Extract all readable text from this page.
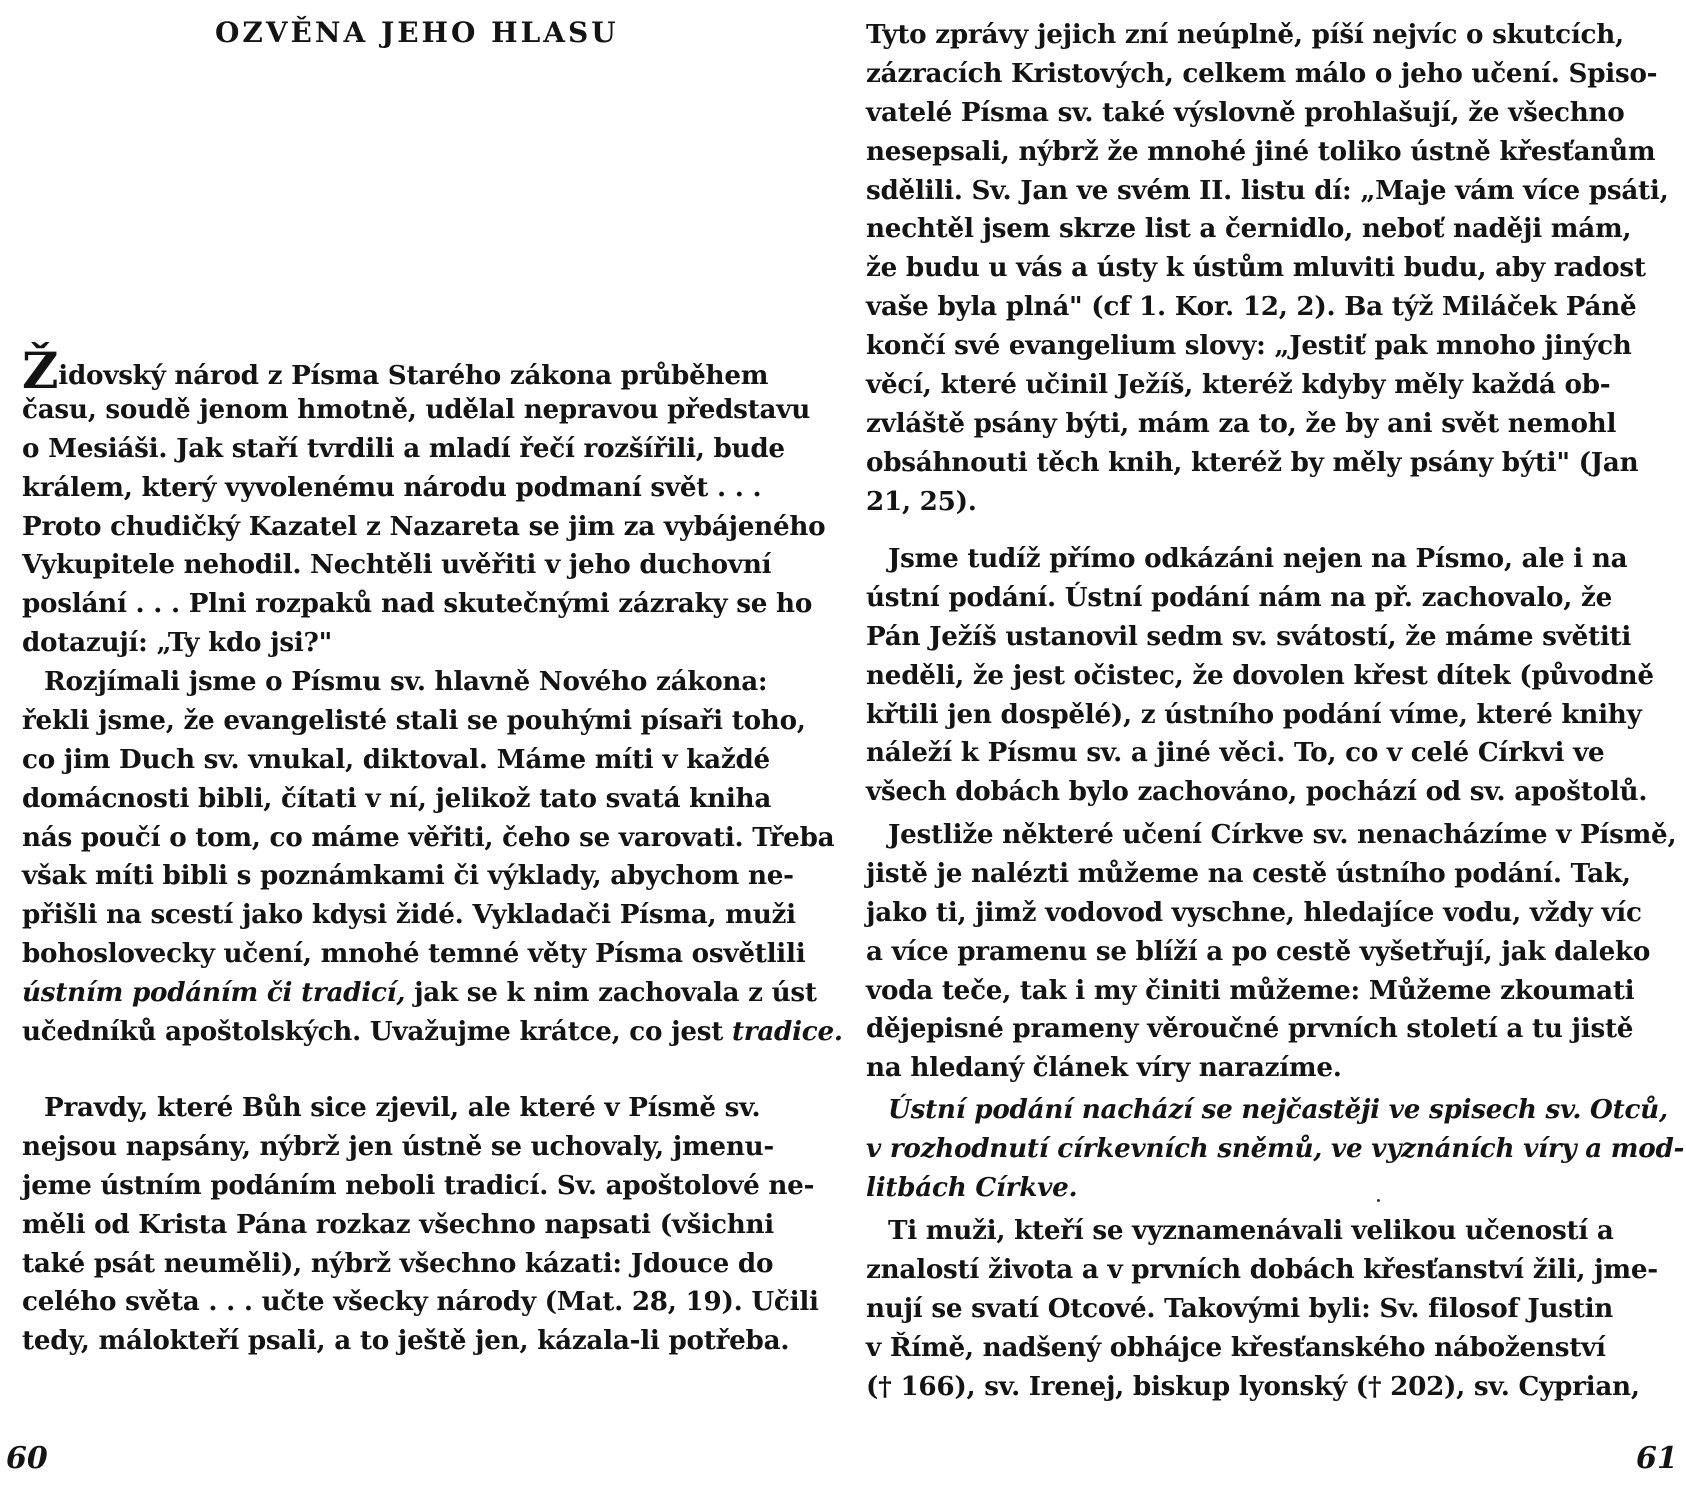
OZVĚNA JEHO HLASU
Židovský národ z Písma Starého zákona průběhem
času, soudě jenom hmotně, udělal nepravou představu
o Mesiáši. Jak staří tvrdili a mladí řečí rozšířili, bude
králem, který vyvolenému národu podmaní svět . . .
Proto chudičký Kazatel z Nazareta se jim za vybájeného
Vykupitele nehodil. Nechtěli uvěřiti v jeho duchovní
poslání . . . Plni rozpaků nad skutečnými zázraky se ho
dotazují: „Ty kdo jsi?"
Rozjímali jsme o Písmu sv. hlavně Nového zákona:
řekli jsme, že evangelisté stali se pouhými písaři toho,
co jim Duch sv. vnukal, diktoval. Máme míti v každé
domácnosti bibli, čítati v ní, jelikož tato svatá kniha
nás poučí o tom, co máme věřiti, čeho se varovati. Třeba
však míti bibli s poznámkami či výklady, abychom ne-
přišli na scestí jako kdysi židé. Vykladači Písma, muži
bohoslovecky učení, mnohé temné věty Písma osvětlili
ústním podáním či tradicí, jak se k nim zachovala z úst
učedníků apoštolských. Uvažujme krátce, co jest tradice.
Pravdy, které Bůh sice zjevil, ale které v Písmě sv.
nejsou napsány, nýbrž jen ústně se uchovaly, jmenu-
jeme ústním podáním neboli tradicí. Sv. apoštolové ne-
měli od Krista Pána rozkaz všechno napsati (všichni
také psát neuměli), nýbrž všechno kázati: Jdouce do
celého světa . . . učte všecky národy (Mat. 28, 19). Učili
tedy, málokteří psali, a to ještě jen, kázala-li potřeba.
60
Tyto zprávy jejich zní neúplně, píší nejvíc o skutcích,
zázracích Kristových, celkem málo o jeho učení. Spiso-
vatelé Písma sv. také výslovně prohlašují, že všechno
nesepsali, nýbrž že mnohé jiné toliko ústně křesťanům
sdělili. Sv. Jan ve svém II. listu dí: „Maje vám více psáti,
nechtěl jsem skrze list a černidlo, neboť naději mám,
že budu u vás a ústy k ústům mluviti budu, aby radost
vaše byla plná" (cf 1. Kor. 12, 2). Ba týž Miláček Páně
končí své evangelium slovy: „Jestiť pak mnoho jiných
věcí, které učinil Ježíš, kteréž kdyby měly každá ob-
zvláště psány býti, mám za to, že by ani svět nemohl
obsáhnouti těch knih, kteréž by měly psány býti" (Jan
21, 25).
Jsme tudíž přímo odkázáni nejen na Písmo, ale i na
ústní podání. Ústní podání nám na př. zachovalo, že
Pán Ježíš ustanovil sedm sv. svátostí, že máme světiti
neděli, že jest očistec, že dovolen křest dítek (původně
křtili jen dospělé), z ústního podání víme, které knihy
náleží k Písmu sv. a jiné věci. To, co v celé Církvi ve
všech dobách bylo zachováno, pochází od sv. apoštolů.
Jestliže některé učení Církve sv. nenacházíme v Písmě,
jistě je nalézti můžeme na cestě ústního podání. Tak,
jako ti, jimž vodovod vyschne, hledajíce vodu, vždy víc
a více pramenu se blíží a po cestě vyšetřují, jak daleko
voda teče, tak i my činiti můžeme: Můžeme zkoumati
dějepisné prameny věroučné prvních století a tu jistě
na hledaný článek víry narazíme.
Ústní podání nachází se nejčastěji ve spisech sv. Otců,
v rozhodnutí církevních sněmů, ve vyznáních víry a mod-
litbách Církve.
Ti muži, kteří se vyznamenávali velikou učeností a
znalostí života a v prvních dobách křesťanství žili, jme-
nují se svatí Otcové. Takovými byli: Sv. filosof Justin
v Římě, nadšený obhájce křesťanského náboženství
(† 166), sv. Irenej, biskup lyonský († 202), sv. Cyprian,
61
